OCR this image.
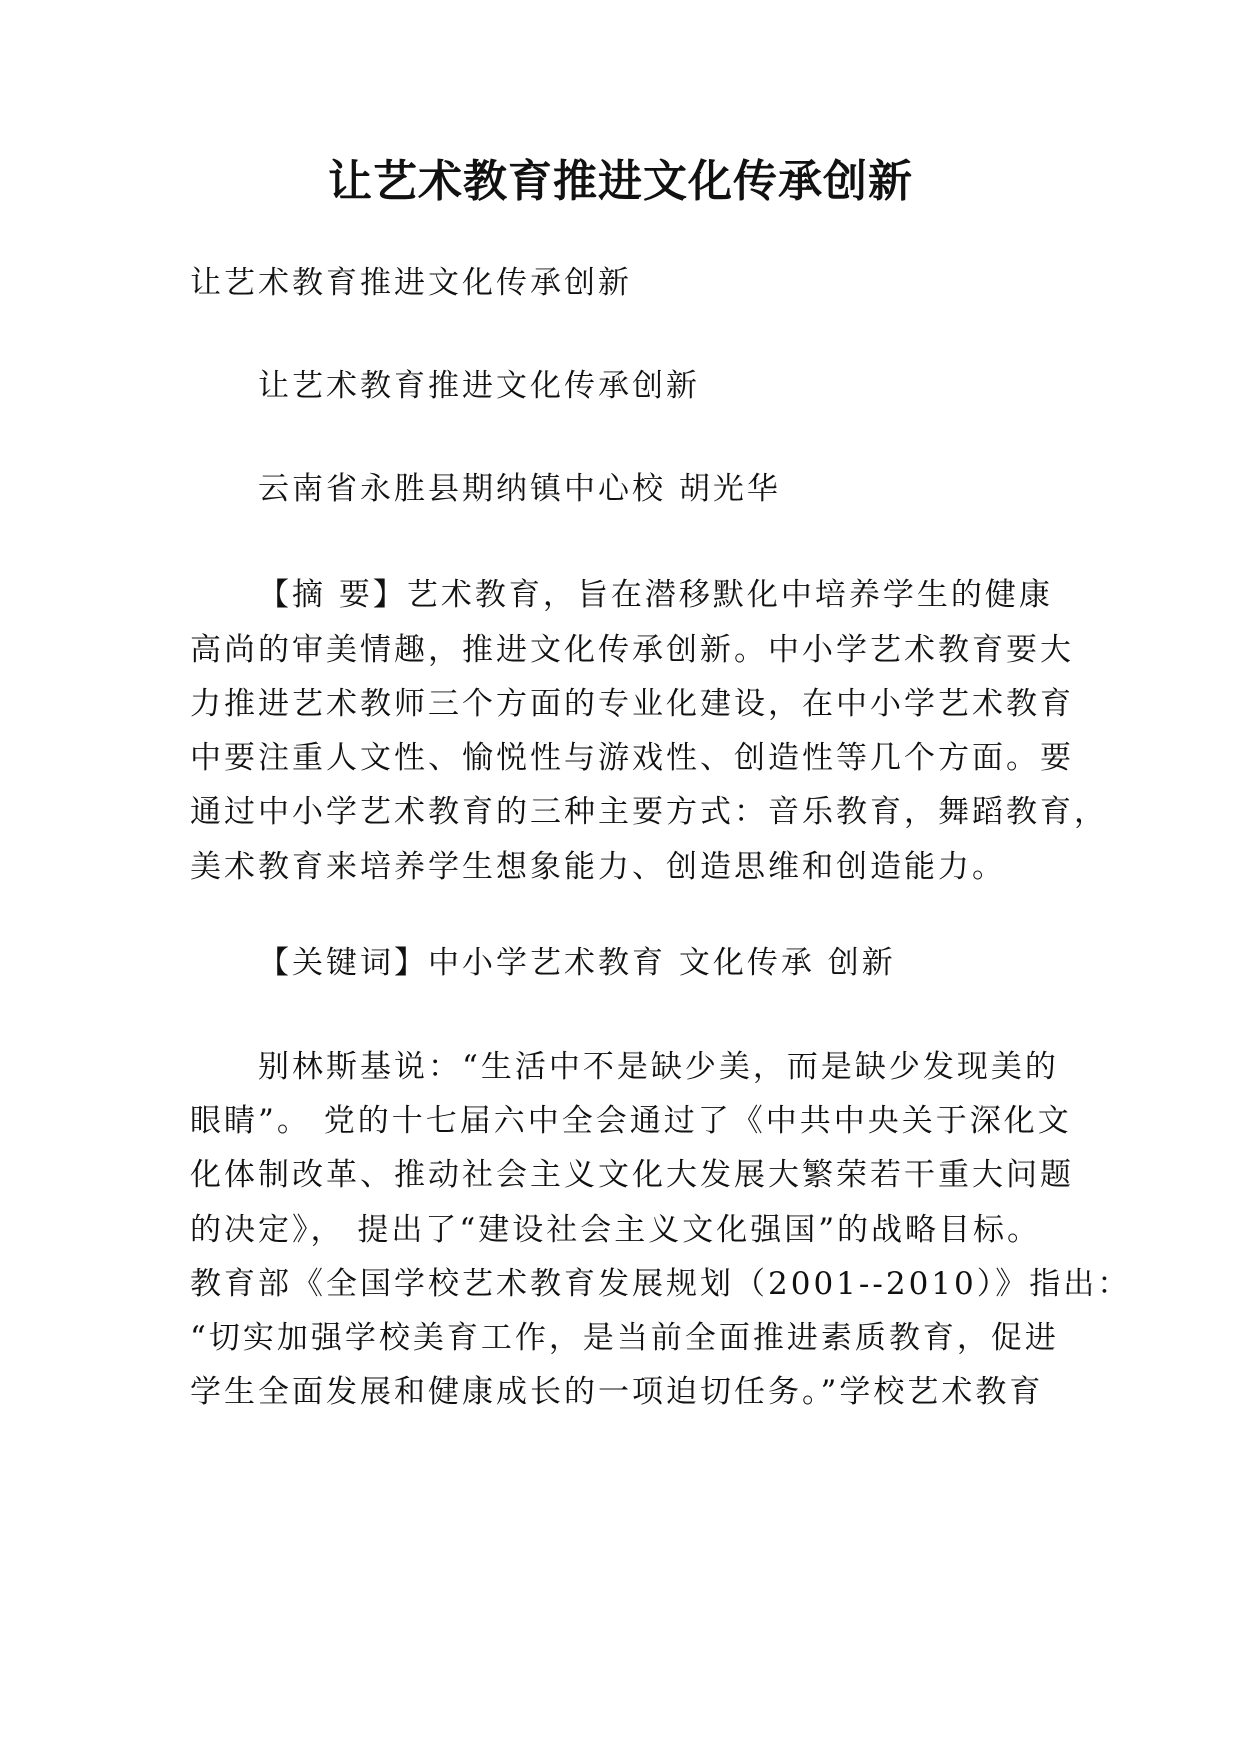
让艺术教育推进文化传承创新

让艺术教育推进文化传承创新

让艺术教育推进文化传承创新

云南省永胜县期纳镇中心校 胡光华

【摘 要】艺术教育，旨在潜移默化中培养学生的健康

高尚的审美情趣，推进文化传承创新。中小学艺术教育要大

力推进艺术教师三个方面的专业化建设，在中小学艺术教育

中要注重人文性、愉悦性与游戏性、创造性等几个方面。要

通过中小学艺术教育的三种主要方式：音乐教育，舞蹈教育，

美术教育来培养学生想象能力、创造思维和创造能力。

【关键词】中小学艺术教育 文化传承 创新

别林斯基说：“生活中不是缺少美，而是缺少发现美的

眼睛”。 党的十七届六中全会通过了《中共中央关于深化文

化体制改革、推动社会主义文化大发展大繁荣若干重大问题

的决定》， 提出了“建设社会主义文化强国”的战略目标。

教育部《全国学校艺术教育发展规划（2001--2010）》指出：

“切实加强学校美育工作，是当前全面推进素质教育，促进

学生全面发展和健康成长的一项迫切任务。”学校艺术教育
